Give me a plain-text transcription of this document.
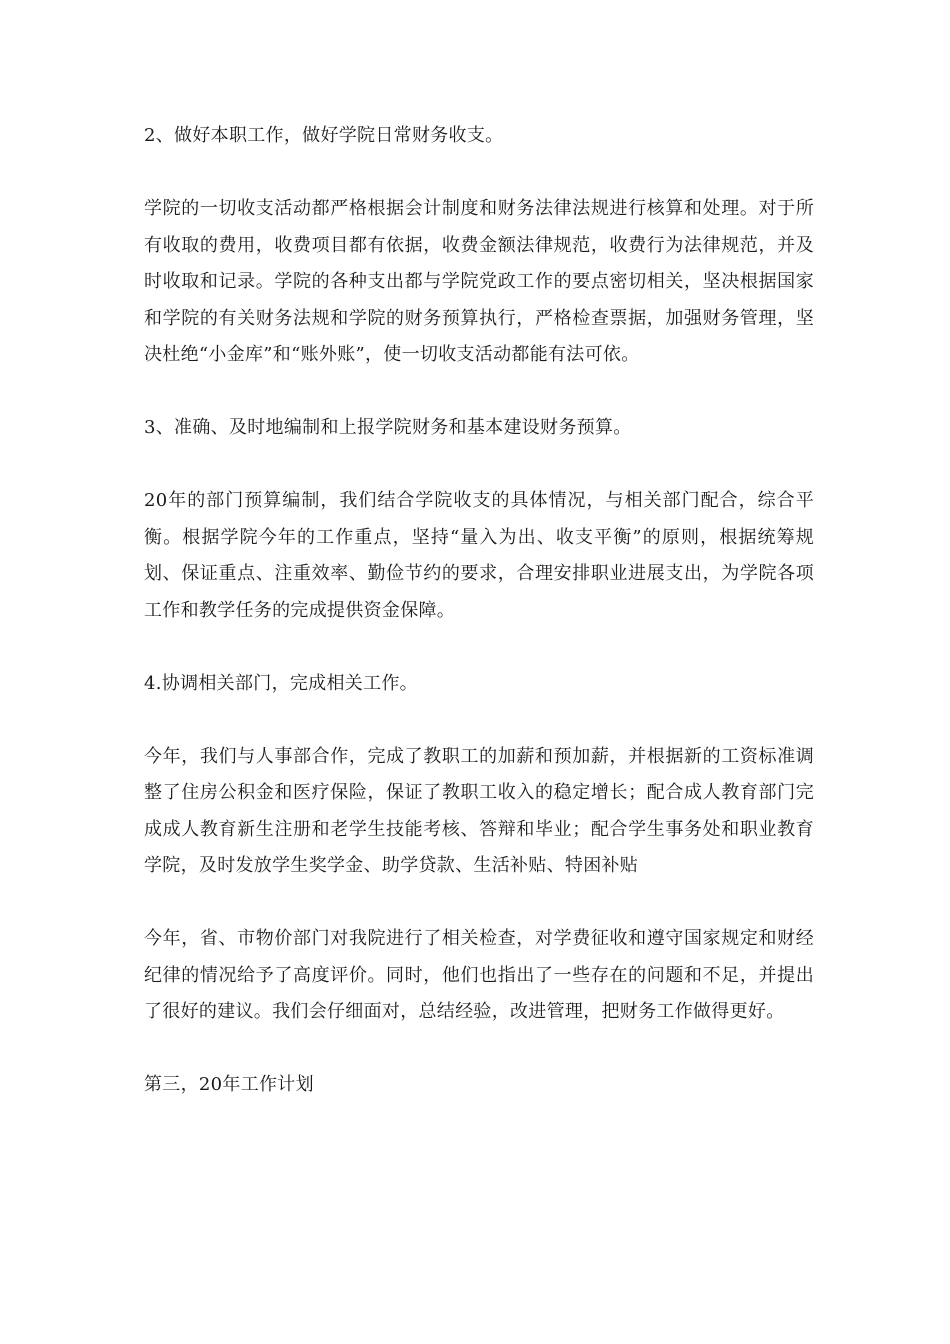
2、做好本职工作，做好学院日常财务收支。

学院的一切收支活动都严格根据会计制度和财务法律法规进行核算和处理。对于所有收取的费用，收费项目都有依据，收费金额法律规范，收费行为法律规范，并及时收取和记录。学院的各种支出都与学院党政工作的要点密切相关，坚决根据国家和学院的有关财务法规和学院的财务预算执行，严格检查票据，加强财务管理，坚决杜绝“小金库”和“账外账”，使一切收支活动都能有法可依。

3、准确、及时地编制和上报学院财务和基本建设财务预算。

20年的部门预算编制，我们结合学院收支的具体情况，与相关部门配合，综合平衡。根据学院今年的工作重点，坚持“量入为出、收支平衡”的原则，根据统筹规划、保证重点、注重效率、勤俭节约的要求，合理安排职业进展支出，为学院各项工作和教学任务的完成提供资金保障。

4.协调相关部门，完成相关工作。

今年，我们与人事部合作，完成了教职工的加薪和预加薪，并根据新的工资标准调整了住房公积金和医疗保险，保证了教职工收入的稳定增长；配合成人教育部门完成成人教育新生注册和老学生技能考核、答辩和毕业；配合学生事务处和职业教育学院，及时发放学生奖学金、助学贷款、生活补贴、特困补贴

今年，省、市物价部门对我院进行了相关检查，对学费征收和遵守国家规定和财经纪律的情况给予了高度评价。同时，他们也指出了一些存在的问题和不足，并提出了很好的建议。我们会仔细面对，总结经验，改进管理，把财务工作做得更好。

第三，20年工作计划
